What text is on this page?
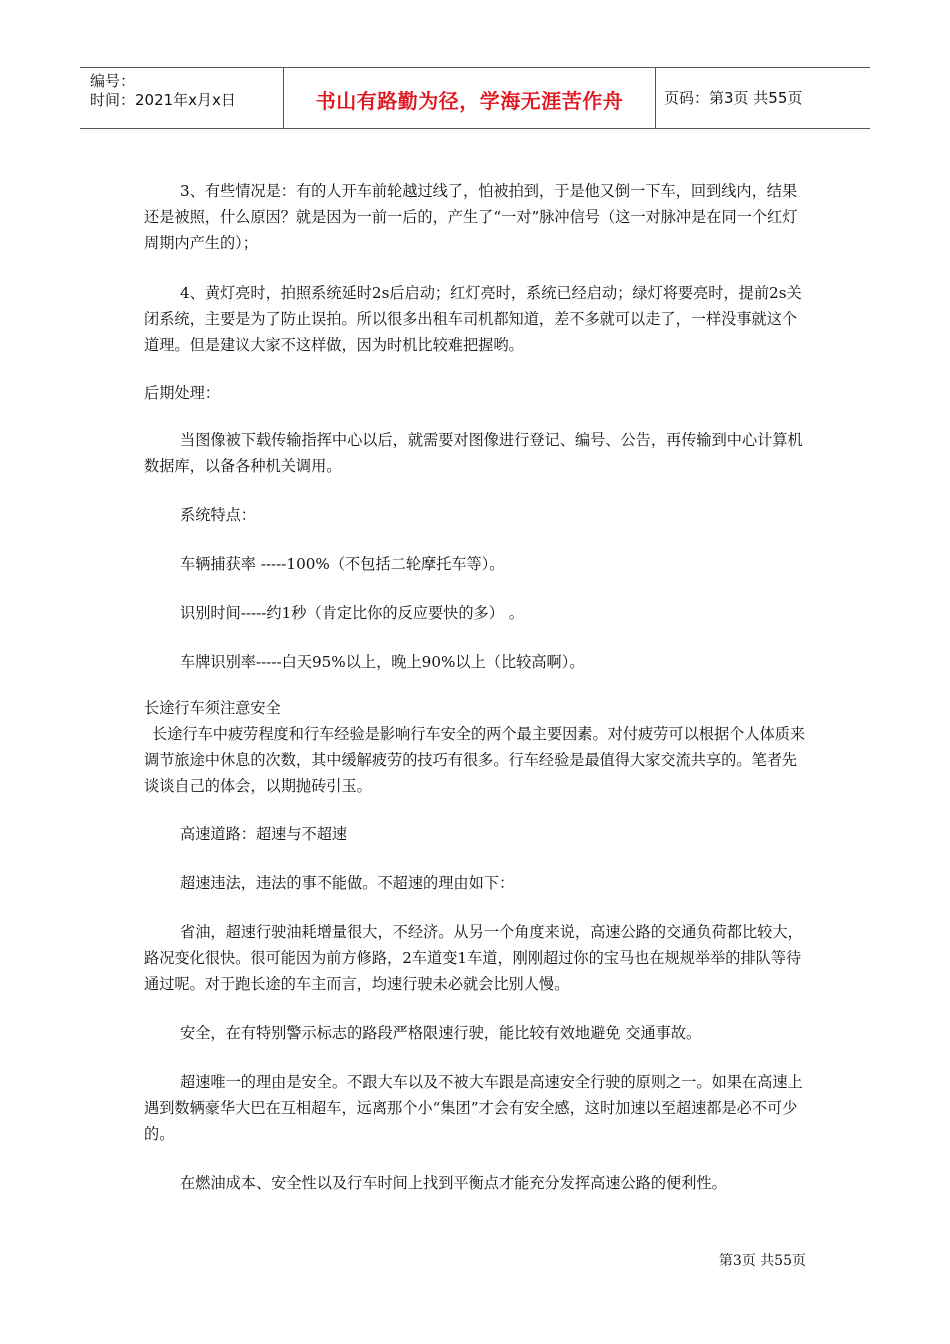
编号：
时间：2021年x月x日	书山有路勤为径，学海无涯苦作舟	页码：第3页 共55页

3、有些情况是：有的人开车前轮越过线了，怕被拍到，于是他又倒一下车，回到线内，结果还是被照，什么原因？就是因为一前一后的，产生了“一对”脉冲信号（这一对脉冲是在同一个红灯周期内产生的）；

4、黄灯亮时，拍照系统延时2s后启动；红灯亮时，系统已经启动；绿灯将要亮时，提前2s关闭系统，主要是为了防止误拍。所以很多出租车司机都知道，差不多就可以走了，一样没事就这个道理。但是建议大家不这样做，因为时机比较难把握哟。

后期处理：

当图像被下载传输指挥中心以后，就需要对图像进行登记、编号、公告，再传输到中心计算机数据库，以备各种机关调用。

系统特点：

车辆捕获率 -----100%（不包括二轮摩托车等）。

识别时间-----约1秒（肯定比你的反应要快的多） 。

车牌识别率-----白天95%以上，晚上90%以上（比较高啊）。

长途行车须注意安全

长途行车中疲劳程度和行车经验是影响行车安全的两个最主要因素。对付疲劳可以根据个人体质来调节旅途中休息的次数，其中缓解疲劳的技巧有很多。行车经验是最值得大家交流共享的。笔者先谈谈自己的体会，以期抛砖引玉。

高速道路：超速与不超速

超速违法，违法的事不能做。不超速的理由如下：

省油，超速行驶油耗增量很大，不经济。从另一个角度来说，高速公路的交通负荷都比较大，路况变化很快。很可能因为前方修路，2车道变1车道，刚刚超过你的宝马也在规规举举的排队等待通过呢。对于跑长途的车主而言，均速行驶未必就会比别人慢。

安全，在有特别警示标志的路段严格限速行驶，能比较有效地避免 交通事故。

超速唯一的理由是安全。不跟大车以及不被大车跟是高速安全行驶的原则之一。如果在高速上遇到数辆豪华大巴在互相超车，远离那个小“集团”才会有安全感，这时加速以至超速都是必不可少的。

在燃油成本、安全性以及行车时间上找到平衡点才能充分发挥高速公路的便利性。

第3页 共55页
